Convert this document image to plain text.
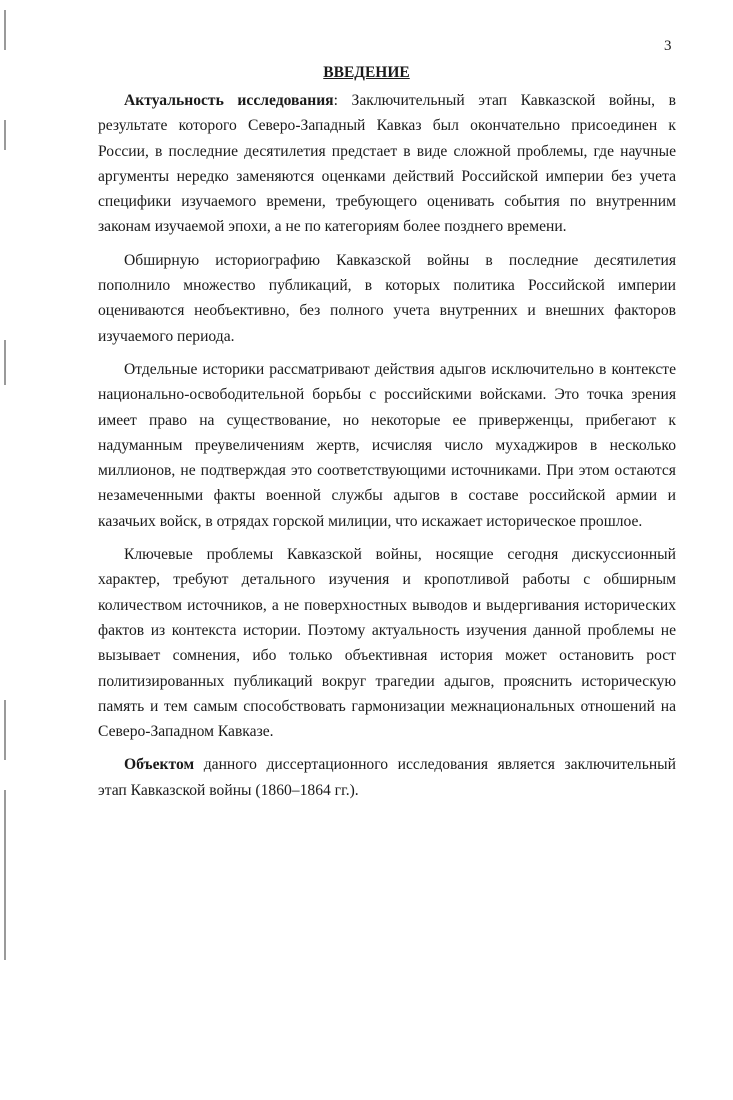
3
ВВЕДЕНИЕ

Актуальность исследования: Заключительный этап Кавказской войны, в результате которого Северо-Западный Кавказ был окончательно присоединен к России, в последние десятилетия предстает в виде сложной проблемы, где научные аргументы нередко заменяются оценками действий Российской империи без учета специфики изучаемого времени, требующего оценивать события по внутренним законам изучаемой эпохи, а не по категориям более позднего времени.

Обширную историографию Кавказской войны в последние десятилетия пополнило множество публикаций, в которых политика Российской империи оцениваются необъективно, без полного учета внутренних и внешних факторов изучаемого периода.

Отдельные историки рассматривают действия адыгов исключительно в контексте национально-освободительной борьбы с российскими войсками. Это точка зрения имеет право на существование, но некоторые ее приверженцы, прибегают к надуманным преувеличениям жертв, исчисляя число мухаджиров в несколько миллионов, не подтверждая это соответствующими источниками. При этом остаются незамеченными факты военной службы адыгов в составе российской армии и казачьих войск, в отрядах горской милиции, что искажает историческое прошлое.

Ключевые проблемы Кавказской войны, носящие сегодня дискуссионный характер, требуют детального изучения и кропотливой работы с обширным количеством источников, а не поверхностных выводов и выдергивания исторических фактов из контекста истории. Поэтому актуальность изучения данной проблемы не вызывает сомнения, ибо только объективная история может остановить рост политизированных публикаций вокруг трагедии адыгов, прояснить историческую память и тем самым способствовать гармонизации межнациональных отношений на Северо-Западном Кавказе.

Объектом данного диссертационного исследования является заключительный этап Кавказской войны (1860–1864 гг.).
